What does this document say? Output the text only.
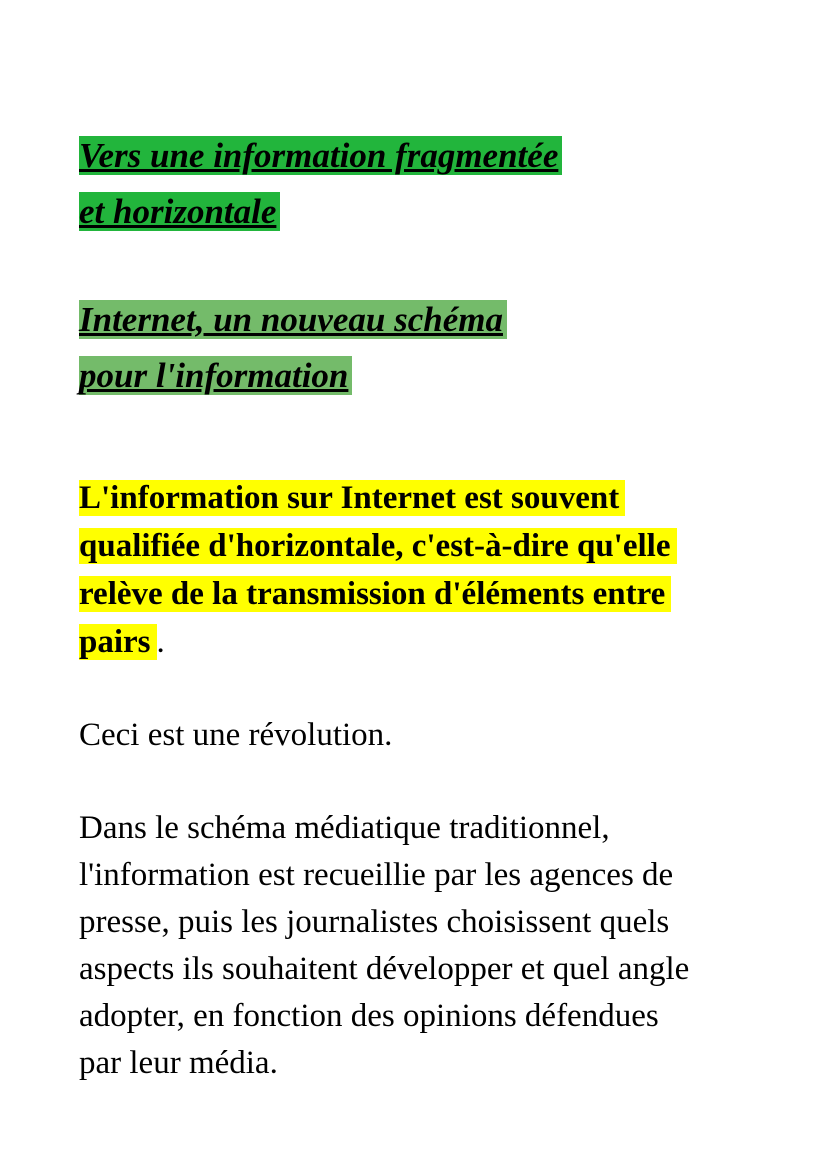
Vers une information fragmentée
et horizontale
Internet, un nouveau schéma
pour l'information

L'information sur Internet est souvent
qualifiée d'horizontale, c'est-à-dire qu'elle
relève de la transmission d'éléments entre
pairs .

Ceci est une révolution.

Dans le schéma médiatique traditionnel,
l'information est recueillie par les agences de
presse, puis les journalistes choisissent quels
aspects ils souhaitent développer et quel angle
adopter, en fonction des opinions défendues
par leur média.
